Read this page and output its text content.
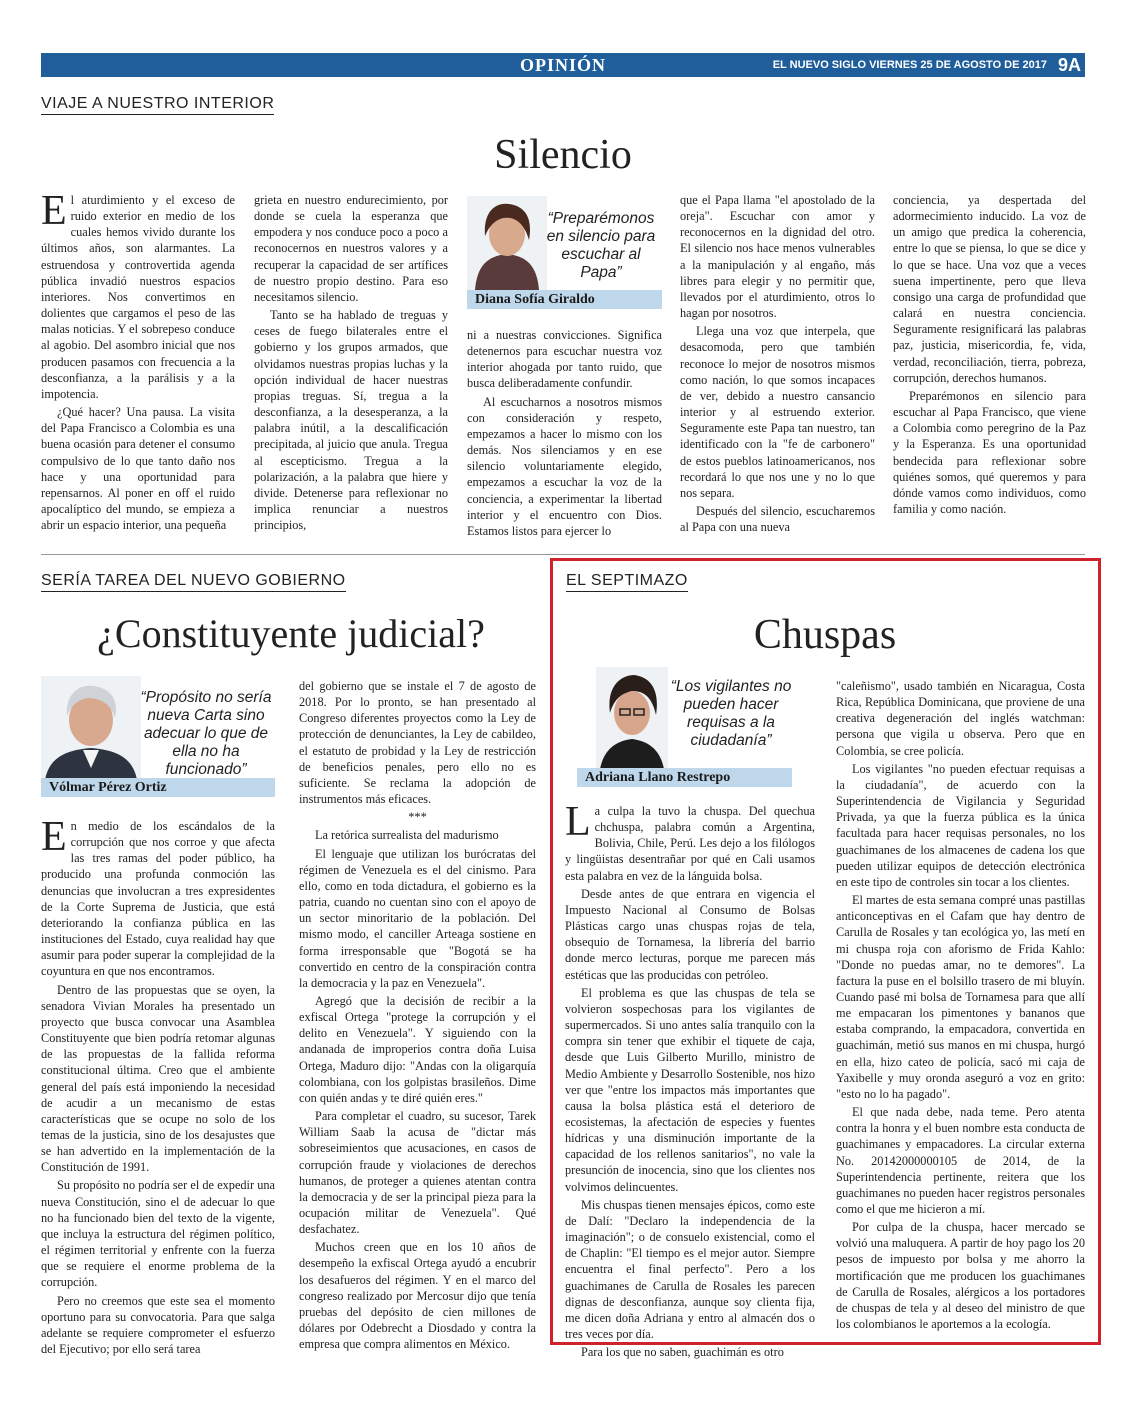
OPINIÓN	EL NUEVO SIGLO VIERNES 25 DE AGOSTO DE 2017 9A
VIAJE A NUESTRO INTERIOR
Silencio

El aturdimiento y el exceso de ruido exterior en medio de los cuales hemos vivido durante los últimos años, son alarmantes. La estruendosa y controvertida agenda pública invadió nuestros espacios interiores. Nos convertimos en dolientes que cargamos el peso de las malas noticias. Y el sobrepeso conduce al agobio. Del asombro inicial que nos producen pasamos con frecuencia a la desconfianza, a la parálisis y a la impotencia.

¿Qué hacer? Una pausa. La visita del Papa Francisco a Colombia es una buena ocasión para detener el consumo compulsivo de lo que tanto daño nos hace y una oportunidad para repensarnos. Al poner en off el ruido apocalíptico del mundo, se empieza a abrir un espacio interior, una pequeña

grieta en nuestro endurecimiento, por donde se cuela la esperanza que empodera y nos conduce poco a poco a reconocernos en nuestros valores y a recuperar la capacidad de ser artífices de nuestro propio destino. Para eso necesitamos silencio.

Tanto se ha hablado de treguas y ceses de fuego bilaterales entre el gobierno y los grupos armados, que olvidamos nuestras propias luchas y la opción individual de hacer nuestras propias treguas. Sí, tregua a la desconfianza, a la desesperanza, a la palabra inútil, a la descalificación precipitada, al juicio que anula. Tregua al escepticismo. Tregua a la polarización, a la palabra que hiere y divide. Detenerse para reflexionar no implica renunciar a nuestros principios,

“Preparémonos en silencio para escuchar al Papa”
Diana Sofía Giraldo

ni a nuestras convicciones. Significa detenernos para escuchar nuestra voz interior ahogada por tanto ruido, que busca deliberadamente confundir.

Al escucharnos a nosotros mismos con consideración y respeto, empezamos a hacer lo mismo con los demás. Nos silenciamos y en ese silencio voluntariamente elegido, empezamos a escuchar la voz de la conciencia, a experimentar la libertad interior y el encuentro con Dios. Estamos listos para ejercer lo

que el Papa llama "el apostolado de la oreja". Escuchar con amor y reconocernos en la dignidad del otro. El silencio nos hace menos vulnerables a la manipulación y al engaño, más libres para elegir y no permitir que, llevados por el aturdimiento, otros lo hagan por nosotros.

Llega una voz que interpela, que desacomoda, pero que también reconoce lo mejor de nosotros mismos como nación, lo que somos incapaces de ver, debido a nuestro cansancio interior y al estruendo exterior. Seguramente este Papa tan nuestro, tan identificado con la "fe de carbonero" de estos pueblos latinoamericanos, nos recordará lo que nos une y no lo que nos separa.

Después del silencio, escucharemos al Papa con una nueva

conciencia, ya despertada del adormecimiento inducido. La voz de un amigo que predica la coherencia, entre lo que se piensa, lo que se dice y lo que se hace. Una voz que a veces suena impertinente, pero que lleva consigo una carga de profundidad que calará en nuestra conciencia. Seguramente resignificará las palabras paz, justicia, misericordia, fe, vida, verdad, reconciliación, tierra, pobreza, corrupción, derechos humanos.

Preparémonos en silencio para escuchar al Papa Francisco, que viene a Colombia como peregrino de la Paz y la Esperanza. Es una oportunidad bendecida para reflexionar sobre quiénes somos, qué queremos y para dónde vamos como individuos, como familia y como nación.

SERÍA TAREA DEL NUEVO GOBIERNO
¿Constituyente judicial?
“Propósito no sería nueva Carta sino adecuar lo que de ella no ha funcionado”
Vólmar Pérez Ortiz

En medio de los escándalos de la corrupción que nos corroe y que afecta las tres ramas del poder público, ha producido una profunda conmoción las denuncias que involucran a tres expresidentes de la Corte Suprema de Justicia, que está deteriorando la confianza pública en las instituciones del Estado, cuya realidad hay que asumir para poder superar la complejidad de la coyuntura en que nos encontramos.

Dentro de las propuestas que se oyen, la senadora Vivian Morales ha presentado un proyecto que busca convocar una Asamblea Constituyente que bien podría retomar algunas de las propuestas de la fallida reforma constitucional última. Creo que el ambiente general del país está imponiendo la necesidad de acudir a un mecanismo de estas características que se ocupe no solo de los temas de la justicia, sino de los desajustes que se han advertido en la implementación de la Constitución de 1991.

Su propósito no podría ser el de expedir una nueva Constitución, sino el de adecuar lo que no ha funcionado bien del texto de la vigente, que incluya la estructura del régimen político, el régimen territorial y enfrente con la fuerza que se requiere el enorme problema de la corrupción.

Pero no creemos que este sea el momento oportuno para su convocatoria. Para que salga adelante se requiere comprometer el esfuerzo del Ejecutivo; por ello será tarea

del gobierno que se instale el 7 de agosto de 2018. Por lo pronto, se han presentado al Congreso diferentes proyectos como la Ley de protección de denunciantes, la Ley de cabildeo, el estatuto de probidad y la Ley de restricción de beneficios penales, pero ello no es suficiente. Se reclama la adopción de instrumentos más eficaces.

***

La retórica surrealista del madurismo

El lenguaje que utilizan los burócratas del régimen de Venezuela es el del cinismo. Para ello, como en toda dictadura, el gobierno es la patria, cuando no cuentan sino con el apoyo de un sector minoritario de la población. Del mismo modo, el canciller Arteaga sostiene en forma irresponsable que "Bogotá se ha convertido en centro de la conspiración contra la democracia y la paz en Venezuela".

Agregó que la decisión de recibir a la exfiscal Ortega "protege la corrupción y el delito en Venezuela". Y siguiendo con la andanada de improperios contra doña Luisa Ortega, Maduro dijo: "Andas con la oligarquía colombiana, con los golpistas brasileños. Dime con quién andas y te diré quién eres."

Para completar el cuadro, su sucesor, Tarek William Saab la acusa de "dictar más sobreseimientos que acusaciones, en casos de corrupción fraude y violaciones de derechos humanos, de proteger a quienes atentan contra la democracia y de ser la principal pieza para la ocupación militar de Venezuela". Qué desfachatez.

Muchos creen que en los 10 años de desempeño la exfiscal Ortega ayudó a encubrir los desafueros del régimen. Y en el marco del congreso realizado por Mercosur dijo que tenía pruebas del depósito de cien millones de dólares por Odebrecht a Diosdado y contra la empresa que compra alimentos en México.

EL SEPTIMAZO
Chuspas
“Los vigilantes no pueden hacer requisas a la ciudadanía”
Adriana Llano Restrepo

La culpa la tuvo la chuspa. Del quechua chchuspa, palabra común a Argentina, Bolivia, Chile, Perú. Les dejo a los filólogos y lingüistas desentrañar por qué en Cali usamos esta palabra en vez de la lánguida bolsa.

Desde antes de que entrara en vigencia el Impuesto Nacional al Consumo de Bolsas Plásticas cargo unas chuspas rojas de tela, obsequio de Tornamesa, la librería del barrio donde merco lecturas, porque me parecen más estéticas que las producidas con petróleo.

El problema es que las chuspas de tela se volvieron sospechosas para los vigilantes de supermercados. Si uno antes salía tranquilo con la compra sin tener que exhibir el tiquete de caja, desde que Luis Gilberto Murillo, ministro de Medio Ambiente y Desarrollo Sostenible, nos hizo ver que "entre los impactos más importantes que causa la bolsa plástica está el deterioro de ecosistemas, la afectación de especies y fuentes hídricas y una disminución importante de la capacidad de los rellenos sanitarios", no vale la presunción de inocencia, sino que los clientes nos volvimos delincuentes.

Mis chuspas tienen mensajes épicos, como este de Dalí: "Declaro la independencia de la imaginación"; o de consuelo existencial, como el de Chaplin: "El tiempo es el mejor autor. Siempre encuentra el final perfecto". Pero a los guachimanes de Carulla de Rosales les parecen dignas de desconfianza, aunque soy clienta fija, me dicen doña Adriana y entro al almacén dos o tres veces por día.

Para los que no saben, guachimán es otro

"caleñismo", usado también en Nicaragua, Costa Rica, República Dominicana, que proviene de una creativa degeneración del inglés watchman: persona que vigila u observa. Pero que en Colombia, se cree policía.

Los vigilantes "no pueden efectuar requisas a la ciudadanía", de acuerdo con la Superintendencia de Vigilancia y Seguridad Privada, ya que la fuerza pública es la única facultada para hacer requisas personales, no los guachimanes de los almacenes de cadena los que pueden utilizar equipos de detección electrónica en este tipo de controles sin tocar a los clientes.

El martes de esta semana compré unas pastillas anticonceptivas en el Cafam que hay dentro de Carulla de Rosales y tan ecológica yo, las metí en mi chuspa roja con aforismo de Frida Kahlo: "Donde no puedas amar, no te demores". La factura la puse en el bolsillo trasero de mi bluyín. Cuando pasé mi bolsa de Tornamesa para que allí me empacaran los pimentones y bananos que estaba comprando, la empacadora, convertida en guachimán, metió sus manos en mi chuspa, hurgó en ella, hizo cateo de policía, sacó mi caja de Yaxibelle y muy oronda aseguró a voz en grito: "esto no lo ha pagado".

El que nada debe, nada teme. Pero atenta contra la honra y el buen nombre esta conducta de guachimanes y empacadores. La circular externa No. 20142000000105 de 2014, de la Superintendencia pertinente, reitera que los guachimanes no pueden hacer registros personales como el que me hicieron a mí.

Por culpa de la chuspa, hacer mercado se volvió una maluquera. A partir de hoy pago los 20 pesos de impuesto por bolsa y me ahorro la mortificación que me producen los guachimanes de Carulla de Rosales, alérgicos a los portadores de chuspas de tela y al deseo del ministro de que los colombianos le aportemos a la ecología.
